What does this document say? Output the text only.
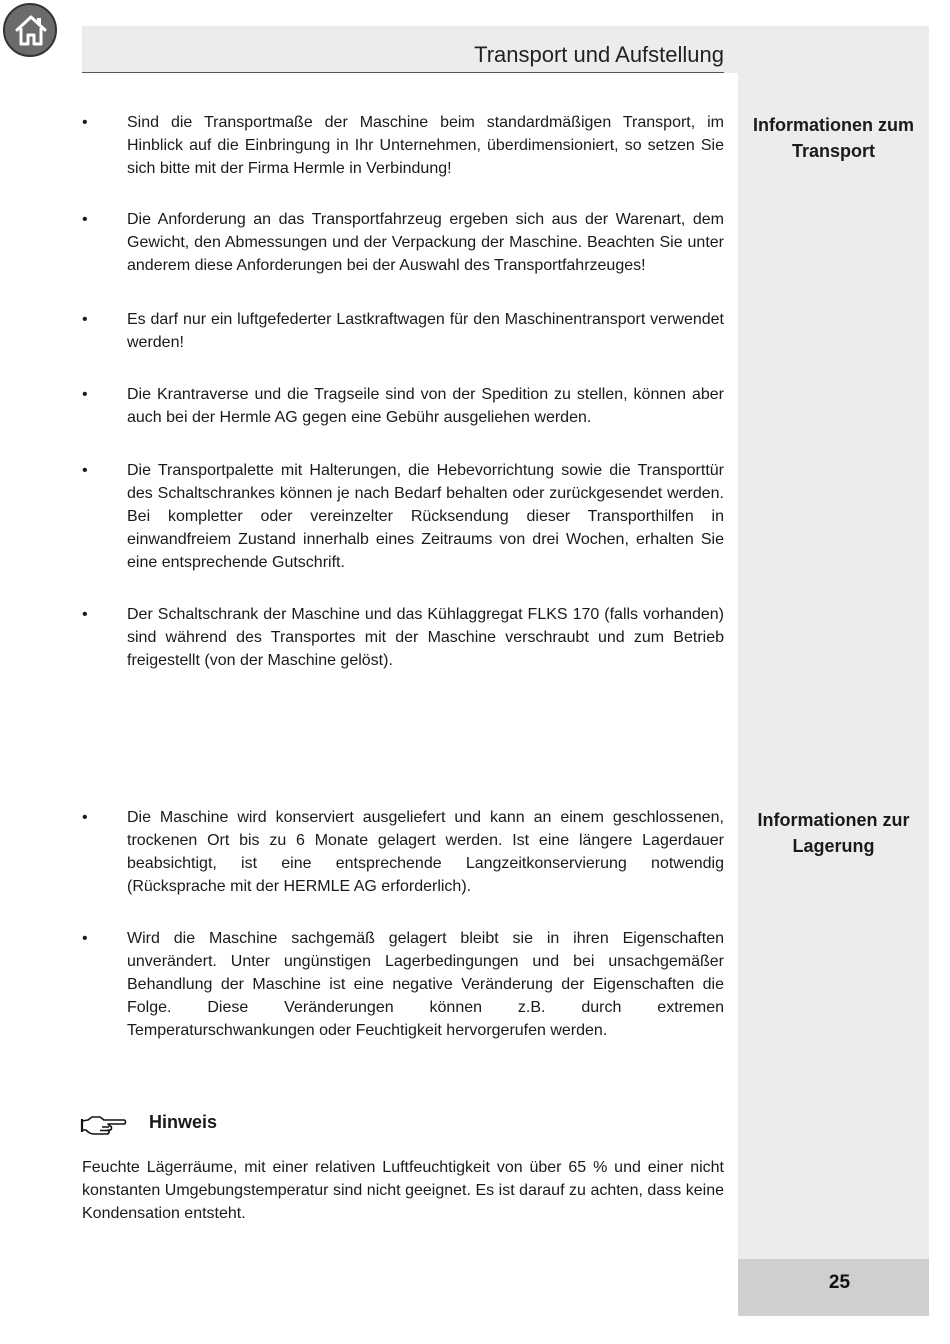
Transport und Aufstellung
25
Informationen zum Transport
Informationen zur Lagerung
• Sind die Transportmaße der Maschine beim standardmäßigen Transport, im Hinblick auf die Einbringung in Ihr Unternehmen, überdimensioniert, so setzen Sie sich bitte mit der Firma Hermle in Verbindung!
• Die Anforderung an das Transportfahrzeug ergeben sich aus der Warenart, dem Gewicht, den Abmessungen und der Verpackung der Maschine. Beachten Sie unter anderem diese Anforderungen bei der Auswahl des Transportfahrzeuges!
• Es darf nur ein luftgefederter Lastkraftwagen für den Maschinentransport verwendet werden!
• Die Krantraverse und die Tragseile sind von der Spedition zu stellen, können aber auch bei der Hermle AG gegen eine Gebühr ausgeliehen werden.
• Die Transportpalette mit Halterungen, die Hebevorrichtung sowie die Transporttür des Schaltschrankes können je nach Bedarf behalten oder zurückgesendet werden. Bei kompletter oder vereinzelter Rücksendung dieser Transporthilfen in einwandfreiem Zustand innerhalb eines Zeitraums von drei Wochen, erhalten Sie eine entsprechende Gutschrift.
• Der Schaltschrank der Maschine und das Kühlaggregat FLKS 170 (falls vorhanden) sind während des Transportes mit der Maschine verschraubt und zum Betrieb freigestellt (von der Maschine gelöst).
• Die Maschine wird konserviert ausgeliefert und kann an einem geschlossenen, trockenen Ort bis zu 6 Monate gelagert werden. Ist eine längere Lagerdauer beabsichtigt, ist eine entsprechende Langzeitkonservierung notwendig (Rücksprache mit der HERMLE AG erforderlich).
• Wird die Maschine sachgemäß gelagert bleibt sie in ihren Eigenschaften unverändert. Unter ungünstigen Lagerbedingungen und bei unsachgemäßer Behandlung der Maschine ist eine negative Veränderung der Eigenschaften die Folge. Diese Veränderungen können z.B. durch extremen Temperaturschwankungen oder Feuchtigkeit hervorgerufen werden.
Hinweis
Feuchte Lägerräume, mit einer relativen Luftfeuchtigkeit von über 65 % und einer nicht konstanten Umgebungstemperatur sind nicht geeignet. Es ist darauf zu achten, dass keine Kondensation entsteht.
